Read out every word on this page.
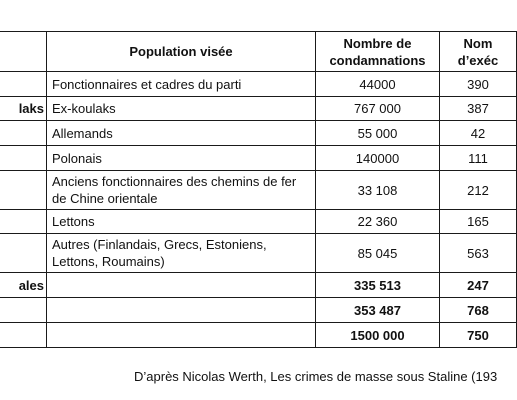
	Population visée	Nombre de condamnations	Nom d’exéc
	Fonctionnaires et cadres du parti	44000	390
laks	Ex-koulaks	767 000	387
	Allemands	55 000	42
	Polonais	140000	111
	Anciens fonctionnaires des chemins de fer de Chine orientale	33 108	212
	Lettons	22 360	165
	Autres (Finlandais, Grecs, Estoniens, Lettons, Roumains)	85 045	563
ales		335 513	247
		353 487	768
		1500 000	750
D’après Nicolas Werth, Les crimes de masse sous Staline (193
